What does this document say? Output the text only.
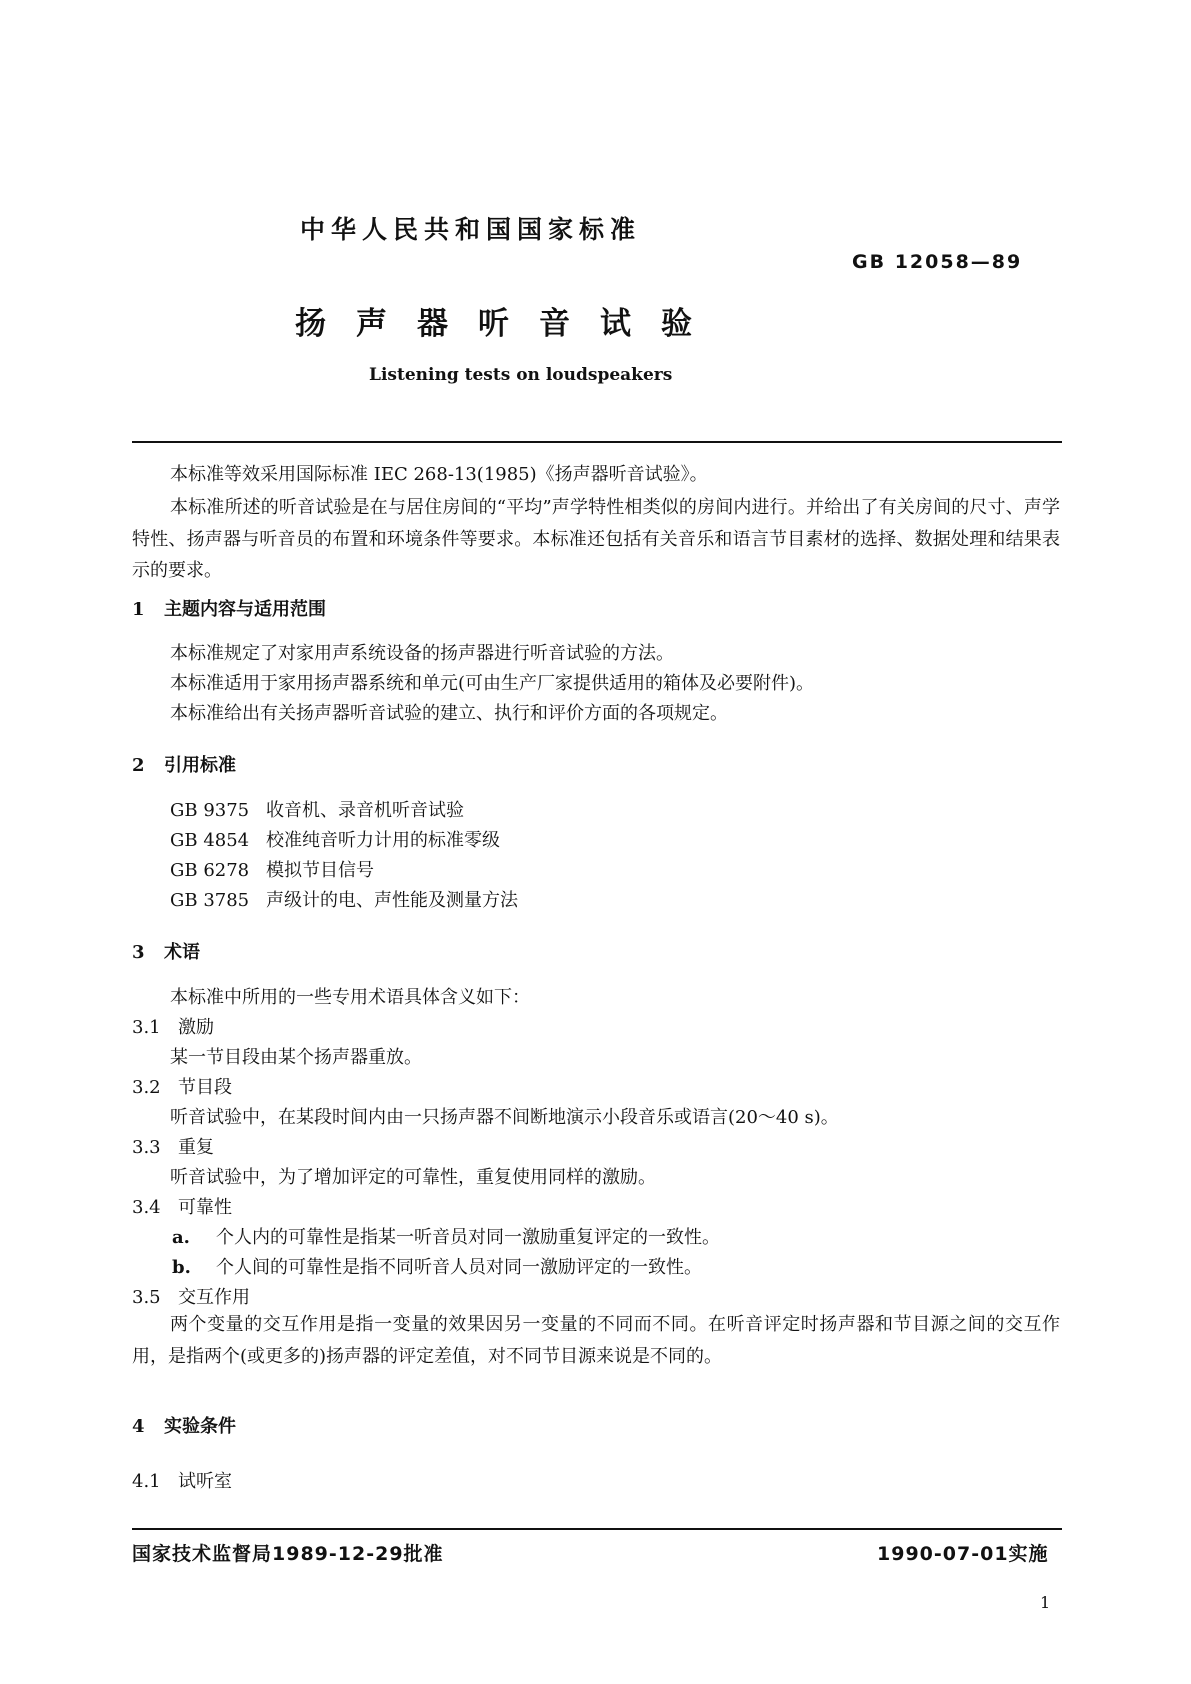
中华人民共和国国家标准
GB 12058—89
扬声器听音试验
Listening tests on loudspeakers
本标准等效采用国际标准 IEC 268-13(1985)《扬声器听音试验》。
本标准所述的听音试验是在与居住房间的“平均”声学特性相类似的房间内进行。并给出了有关房间的尺寸、声学特性、扬声器与听音员的布置和环境条件等要求。本标准还包括有关音乐和语言节目素材的选择、数据处理和结果表示的要求。
1 主题内容与适用范围
本标准规定了对家用声系统设备的扬声器进行听音试验的方法。
本标准适用于家用扬声器系统和单元(可由生产厂家提供适用的箱体及必要附件)。
本标准给出有关扬声器听音试验的建立、执行和评价方面的各项规定。
2 引用标准
GB 9375 收音机、录音机听音试验
GB 4854 校准纯音听力计用的标准零级
GB 6278 模拟节目信号
GB 3785 声级计的电、声性能及测量方法
3 术语
本标准中所用的一些专用术语具体含义如下：
3.1 激励
某一节目段由某个扬声器重放。
3.2 节目段
听音试验中，在某段时间内由一只扬声器不间断地演示小段音乐或语言(20～40 s)。
3.3 重复
听音试验中，为了增加评定的可靠性，重复使用同样的激励。
3.4 可靠性
a. 个人内的可靠性是指某一听音员对同一激励重复评定的一致性。
b. 个人间的可靠性是指不同听音人员对同一激励评定的一致性。
3.5 交互作用
两个变量的交互作用是指一变量的效果因另一变量的不同而不同。在听音评定时扬声器和节目源之间的交互作用，是指两个(或更多的)扬声器的评定差值，对不同节目源来说是不同的。
4 实验条件
4.1 试听室
国家技术监督局1989-12-29批准	1990-07-01实施
1
